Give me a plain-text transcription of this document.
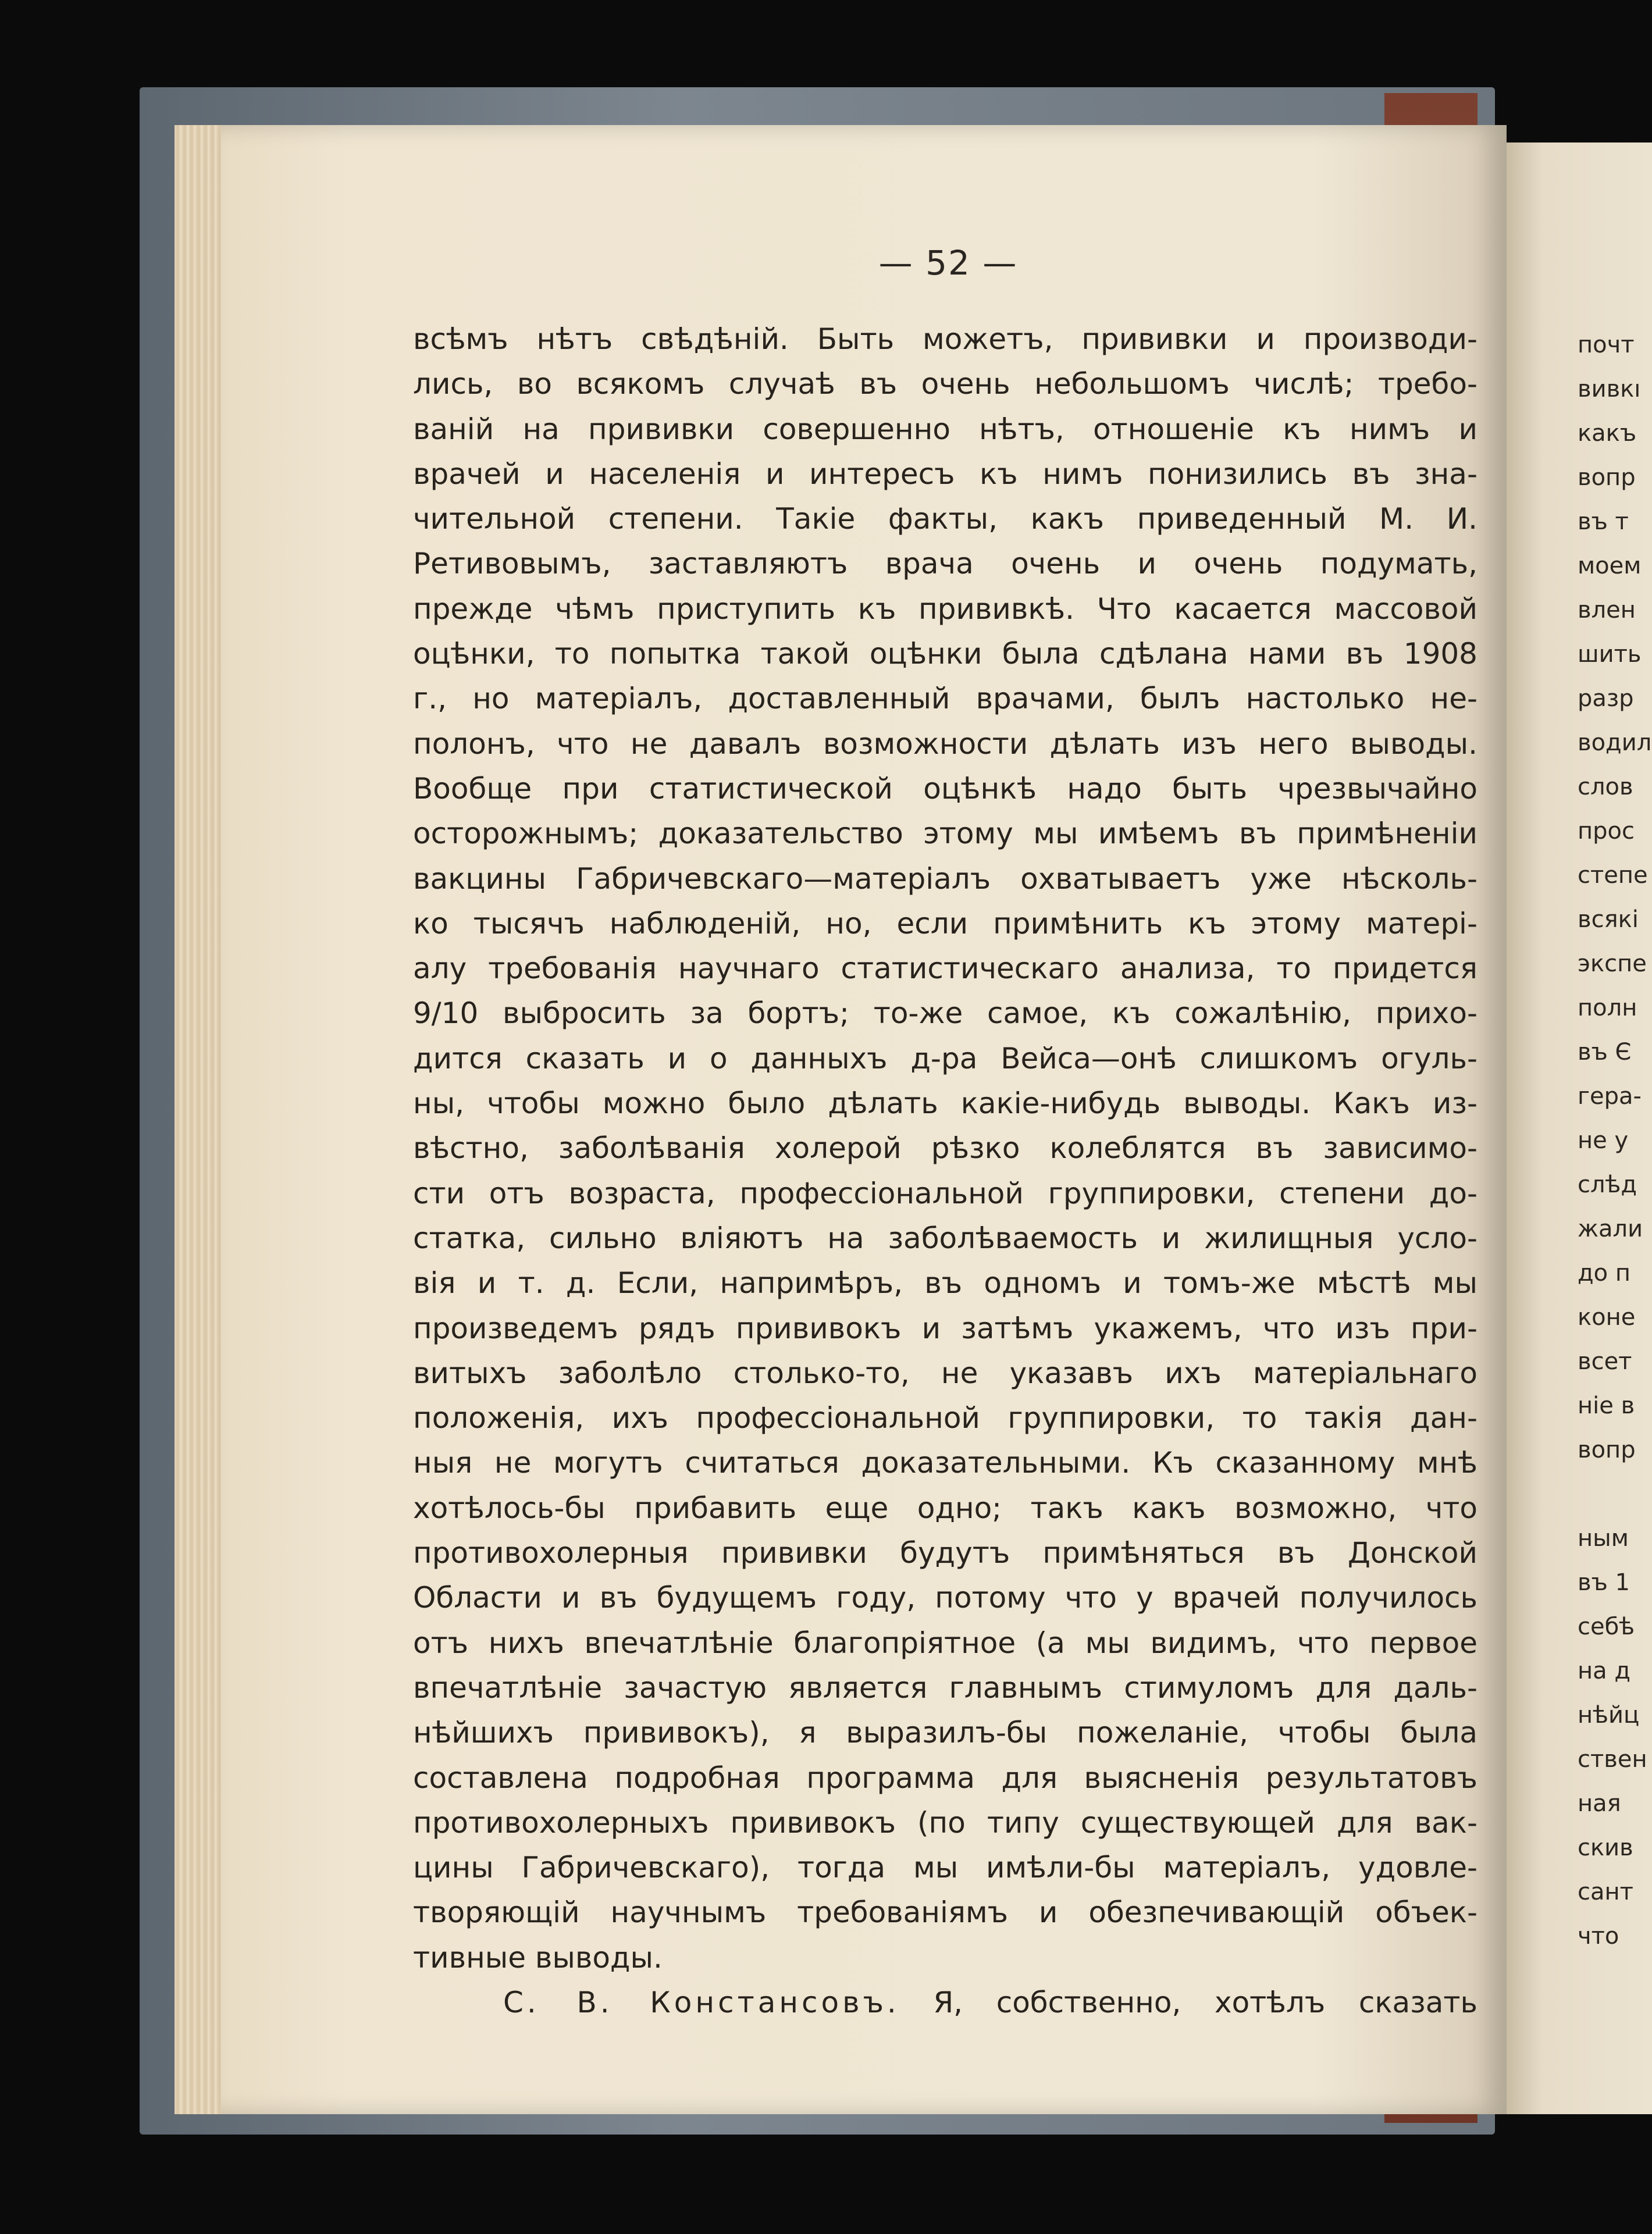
— 52 —
всѣмъ нѣтъ свѣдѣній. Быть можетъ, прививки и производи-
лись, во всякомъ случаѣ въ очень небольшомъ числѣ; требо-
ваній на прививки совершенно нѣтъ, отношеніе къ нимъ и
врачей и населенія и интересъ къ нимъ понизились въ зна-
чительной степени. Такіе факты, какъ приведенный М. И.
Ретивовымъ, заставляютъ врача очень и очень подумать,
прежде чѣмъ приступить къ прививкѣ. Что касается массовой
оцѣнки, то попытка такой оцѣнки была сдѣлана нами въ 1908
г., но матеріалъ, доставленный врачами, былъ настолько не-
полонъ, что не давалъ возможности дѣлать изъ него выводы.
Вообще при статистической оцѣнкѣ надо быть чрезвычайно
осторожнымъ; доказательство этому мы имѣемъ въ примѣненіи
вакцины Габричевскаго—матеріалъ охватываетъ уже нѣсколь-
ко тысячъ наблюденій, но, если примѣнить къ этому матері-
алу требованія научнаго статистическаго анализа, то придется
9/10 выбросить за бортъ; то-же самое, къ сожалѣнію, прихо-
дится сказать и о данныхъ д-ра Вейса—онѣ слишкомъ огуль-
ны, чтобы можно было дѣлать какіе-нибудь выводы. Какъ из-
вѣстно, заболѣванія холерой рѣзко колеблятся въ зависимо-
сти отъ возраста, профессіональной группировки, степени до-
статка, сильно вліяютъ на заболѣваемость и жилищныя усло-
вія и т. д. Если, напримѣръ, въ одномъ и томъ-же мѣстѣ мы
произведемъ рядъ прививокъ и затѣмъ укажемъ, что изъ при-
витыхъ заболѣло столько-то, не указавъ ихъ матеріальнаго
положенія, ихъ профессіональной группировки, то такія дан-
ныя не могутъ считаться доказательными. Къ сказанному мнѣ
хотѣлось-бы прибавить еще одно; такъ какъ возможно, что
противохолерныя прививки будутъ примѣняться въ Донской
Области и въ будущемъ году, потому что у врачей получилось
отъ нихъ впечатлѣніе благопріятное (а мы видимъ, что первое
впечатлѣніе зачастую является главнымъ стимуломъ для даль-
нѣйшихъ прививокъ), я выразилъ-бы пожеланіе, чтобы была
составлена подробная программа для выясненія результатовъ
противохолерныхъ прививокъ (по типу существующей для вак-
цины Габричевскаго), тогда мы имѣли-бы матеріалъ, удовле-
творяющій научнымъ требованіямъ и обезпечивающій объек-
тивные выводы.
С. В. Констансовъ. Я, собственно, хотѣлъ сказать
почт
вивкı
какъ
вопр
въ т
моем
влен
шить
разр
водил
слов
прос
степе
всякі
экспе
полн
въ Є
гера-
не у
слѣд
жали
до п
коне
всет
ніе в
вопр
ным
въ 1
себѣ
на д
нѣйц
ствен
ная
скив
сант
что
